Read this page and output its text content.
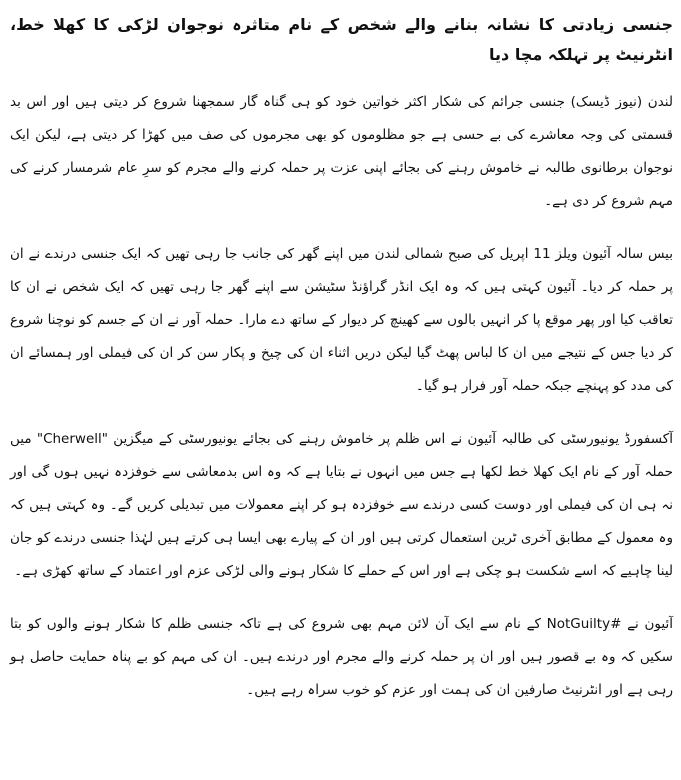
جنسی زیادتی کا نشانہ بنانے والے شخص کے نام متاثرہ نوجوان لڑکی کا کھلا خط، انٹرنیٹ پر تہلکہ مچا دیا

لندن (نیوز ڈیسک) جنسی جرائم کی شکار اکثر خواتین خود کو ہی گناہ گار سمجھنا شروع کر دیتی ہیں اور اس بد قسمتی کی وجہ معاشرے کی بے حسی ہے جو مظلوموں کو بھی مجرموں کی صف میں کھڑا کر دیتی ہے، لیکن ایک نوجوان برطانوی طالبہ نے خاموش رہنے کی بجائے اپنی عزت پر حملہ کرنے والے مجرم کو سرِ عام شرمسار کرنے کی مہم شروع کر دی ہے۔

بیس سالہ آئیون ویلز 11 اپریل کی صبح شمالی لندن میں اپنے گھر کی جانب جا رہی تھیں کہ ایک جنسی درندے نے ان پر حملہ کر دیا۔ آئیون کہتی ہیں کہ وہ ایک انڈر گراؤنڈ سٹیشن سے اپنے گھر جا رہی تھیں کہ ایک شخص نے ان کا تعاقب کیا اور پھر موقع پا کر انہیں بالوں سے کھینچ کر دیوار کے ساتھ دے مارا۔ حملہ آور نے ان کے جسم کو نوچنا شروع کر دیا جس کے نتیجے میں ان کا لباس پھٹ گیا لیکن دریں اثناء ان کی چیخ و پکار سن کر ان کی فیملی اور ہمسائے ان کی مدد کو پہنچے جبکہ حملہ آور فرار ہو گیا۔

آکسفورڈ یونیورسٹی کی طالبہ آئیون نے اس ظلم پر خاموش رہنے کی بجائے یونیورسٹی کے میگزین "Cherwell" میں حملہ آور کے نام ایک کھلا خط لکھا ہے جس میں انہوں نے بتایا ہے کہ وہ اس بدمعاشی سے خوفزدہ نہیں ہوں گی اور نہ ہی ان کی فیملی اور دوست کسی درندے سے خوفزدہ ہو کر اپنے معمولات میں تبدیلی کریں گے۔ وہ کہتی ہیں کہ وہ معمول کے مطابق آخری ٹرین استعمال کرتی ہیں اور ان کے پیارے بھی ایسا ہی کرتے ہیں لہٰذا جنسی درندے کو جان لینا چاہیے کہ اسے شکست ہو چکی ہے اور اس کے حملے کا شکار ہونے والی لڑکی عزم اور اعتماد کے ساتھ کھڑی ہے۔

آئیون نے #NotGuilty کے نام سے ایک آن لائن مہم بھی شروع کی ہے تاکہ جنسی ظلم کا شکار ہونے والوں کو بتا سکیں کہ وہ بے قصور ہیں اور ان پر حملہ کرنے والے مجرم اور درندے ہیں۔ ان کی مہم کو بے پناہ حمایت حاصل ہو رہی ہے اور انٹرنیٹ صارفین ان کی ہمت اور عزم کو خوب سراہ رہے ہیں۔
